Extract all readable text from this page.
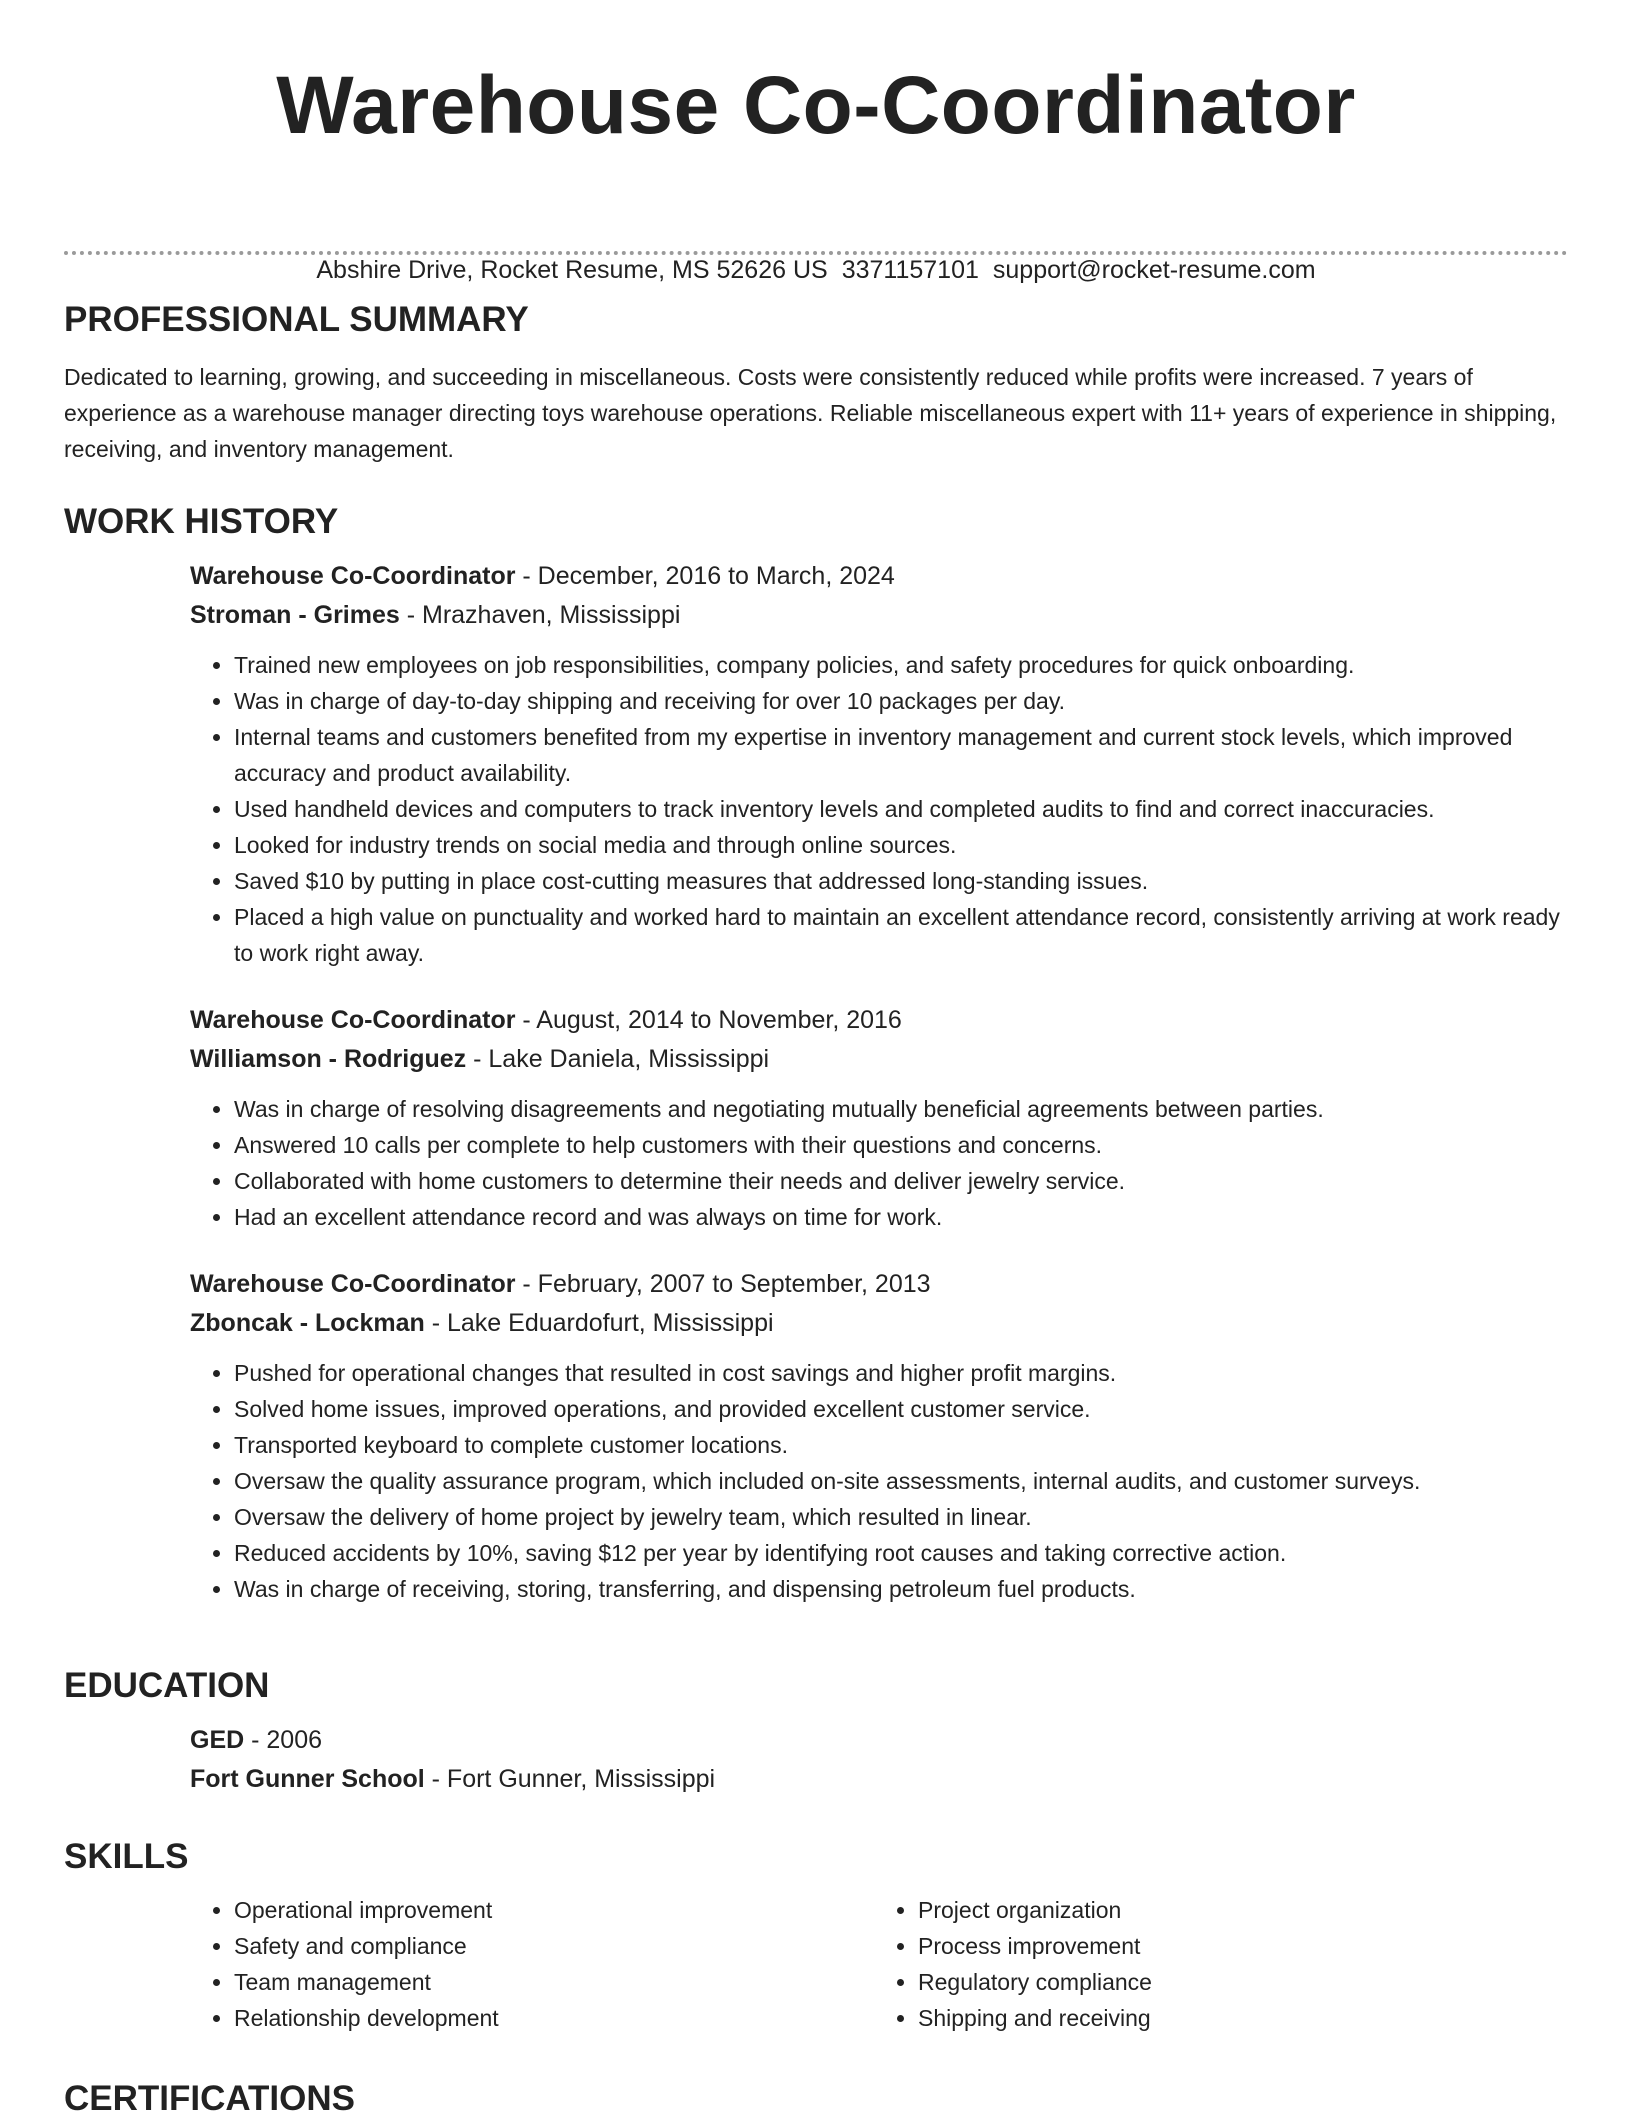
Warehouse Co-Coordinator
Abshire Drive, Rocket Resume, MS 52626 US 3371157101 support@rocket-resume.com
PROFESSIONAL SUMMARY

Dedicated to learning, growing, and succeeding in miscellaneous. Costs were consistently reduced while profits were increased. 7 years of experience as a warehouse manager directing toys warehouse operations. Reliable miscellaneous expert with 11+ years of experience in shipping, receiving, and inventory management.

WORK HISTORY

Warehouse Co-Coordinator - December, 2016 to March, 2024

Stroman - Grimes - Mrazhaven, Mississippi

• Trained new employees on job responsibilities, company policies, and safety procedures for quick onboarding.
• Was in charge of day-to-day shipping and receiving for over 10 packages per day.
• Internal teams and customers benefited from my expertise in inventory management and current stock levels, which improved accuracy and product availability.
• Used handheld devices and computers to track inventory levels and completed audits to find and correct inaccuracies.
• Looked for industry trends on social media and through online sources.
• Saved $10 by putting in place cost-cutting measures that addressed long-standing issues.
• Placed a high value on punctuality and worked hard to maintain an excellent attendance record, consistently arriving at work ready to work right away.

Warehouse Co-Coordinator - August, 2014 to November, 2016

Williamson - Rodriguez - Lake Daniela, Mississippi

• Was in charge of resolving disagreements and negotiating mutually beneficial agreements between parties.
• Answered 10 calls per complete to help customers with their questions and concerns.
• Collaborated with home customers to determine their needs and deliver jewelry service.
• Had an excellent attendance record and was always on time for work.

Warehouse Co-Coordinator - February, 2007 to September, 2013

Zboncak - Lockman - Lake Eduardofurt, Mississippi

• Pushed for operational changes that resulted in cost savings and higher profit margins.
• Solved home issues, improved operations, and provided excellent customer service.
• Transported keyboard to complete customer locations.
• Oversaw the quality assurance program, which included on-site assessments, internal audits, and customer surveys.
• Oversaw the delivery of home project by jewelry team, which resulted in linear.
• Reduced accidents by 10%, saving $12 per year by identifying root causes and taking corrective action.
• Was in charge of receiving, storing, transferring, and dispensing petroleum fuel products.
EDUCATION

GED - 2006

Fort Gunner School - Fort Gunner, Mississippi

SKILLS
• Operational improvement
• Safety and compliance
• Team management
• Relationship development
• Project organization
• Process improvement
• Regulatory compliance
• Shipping and receiving
CERTIFICATIONS
